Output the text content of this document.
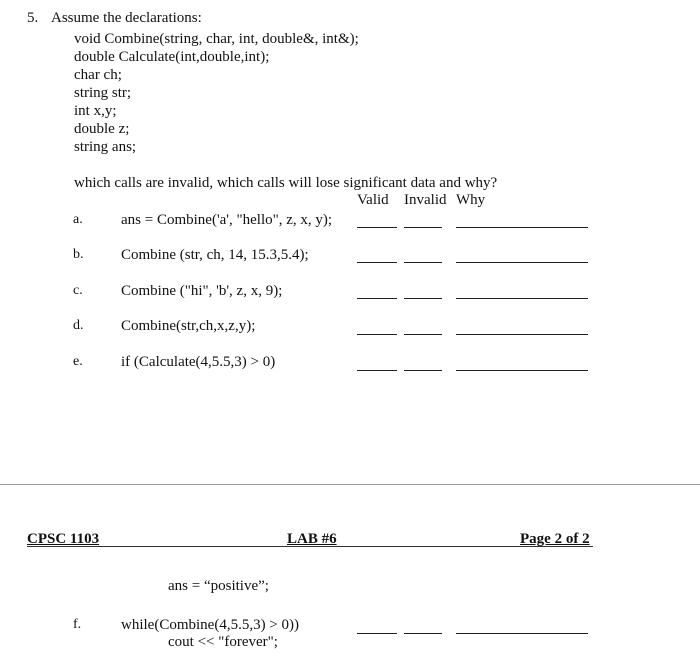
5. Assume the declarations:
void Combine(string, char, int, double&, int&);
double Calculate(int,double,int);
char ch;
string str;
int x,y;
double z;
string ans;
which calls are invalid, which calls will lose significant data and why?
Valid Invalid Why
a.	ans = Combine('a', "hello", z, x, y);
b.	Combine (str, ch, 14, 15.3,5.4);
c.	Combine ("hi", 'b', z, x, 9);
d.	Combine(str,ch,x,z,y);
e.	if (Calculate(4,5.5,3) > 0)
CPSC 1103	LAB #6	Page 2 of 2
ans = “positive”;
f.	while(Combine(4,5.5,3) > 0))
cout << "forever";
